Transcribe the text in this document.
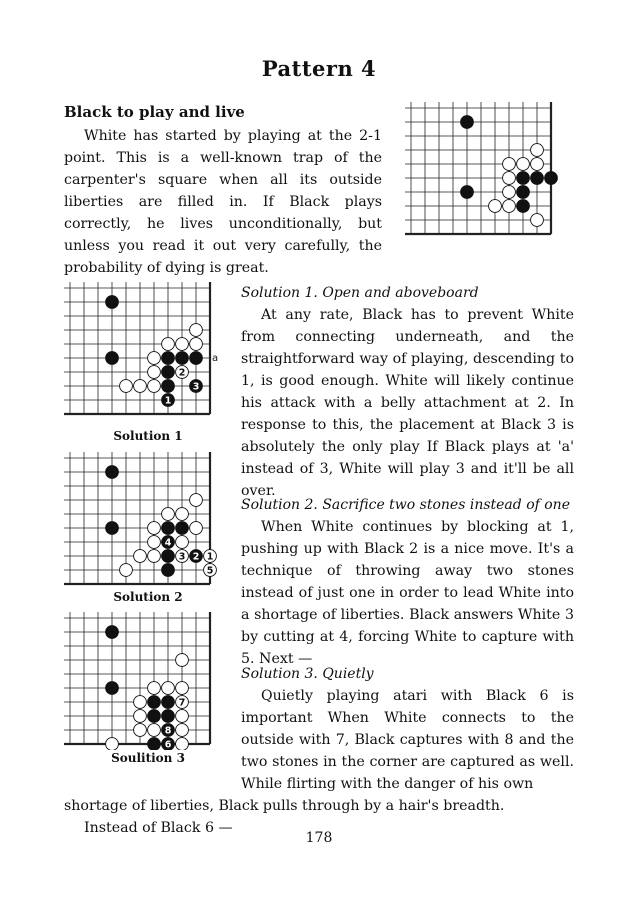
Pattern 4
Black to play and live

White has started by playing at the 2-1 point. This is a well-known trap of the carpenter's square when all its outside liberties are filled in. If Black plays correctly, he lives unconditionally, but unless you read it out very carefully, the probability of dying is great.

2
3
1
a
Solution 1
4
3 2 1
5
Solution 2
7
8
6
Soulition 3
Solution 1. Open and aboveboard

At any rate, Black has to prevent White from connecting underneath, and the straightforward way of playing, descending to 1, is good enough. White will likely continue his attack with a belly attachment at 2. In response to this, the placement at Black 3 is absolutely the only play If Black plays at 'a' instead of 3, White will play 3 and it'll be all over.

Solution 2. Sacrifice two stones instead of one

When White continues by blocking at 1, pushing up with Black 2 is a nice move. It's a technique of throwing away two stones instead of just one in order to lead White into a shortage of liberties. Black answers White 3 by cutting at 4, forcing White to capture with 5. Next —

Solution 3. Quietly

Quietly playing atari with Black 6 is important When White connects to the outside with 7, Black captures with 8 and the two stones in the corner are captured as well. While flirting with the danger of his own

shortage of liberties, Black pulls through by a hair's breadth.

Instead of Black 6 —

178
